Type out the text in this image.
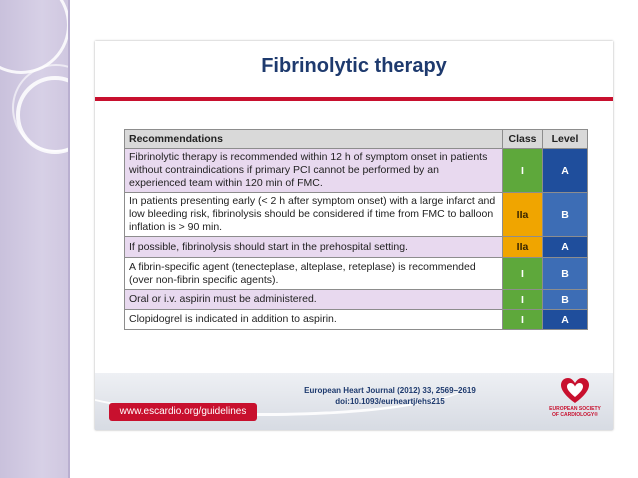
Fibrinolytic therapy
Recommendations	Class	Level
Fibrinolytic therapy is recommended within 12 h of symptom onset in patients without contraindications if primary PCI cannot be performed by an experienced team within 120 min of FMC.	I	A
In patients presenting early (< 2 h after symptom onset) with a large infarct and low bleeding risk, fibrinolysis should be considered if time from FMC to balloon inflation is > 90 min.	IIa	B
If possible, fibrinolysis should start in the prehospital setting.	IIa	A
A fibrin-specific agent (tenecteplase, alteplase, reteplase) is recommended (over non-fibrin specific agents).	I	B
Oral or i.v. aspirin must be administered.	I	B
Clopidogrel is indicated in addition to aspirin.	I	A
www.escardio.org/guidelines
European Heart Journal (2012) 33, 2569–2619
doi:10.1093/eurheartj/ehs215
EUROPEAN SOCIETY OF CARDIOLOGY®
